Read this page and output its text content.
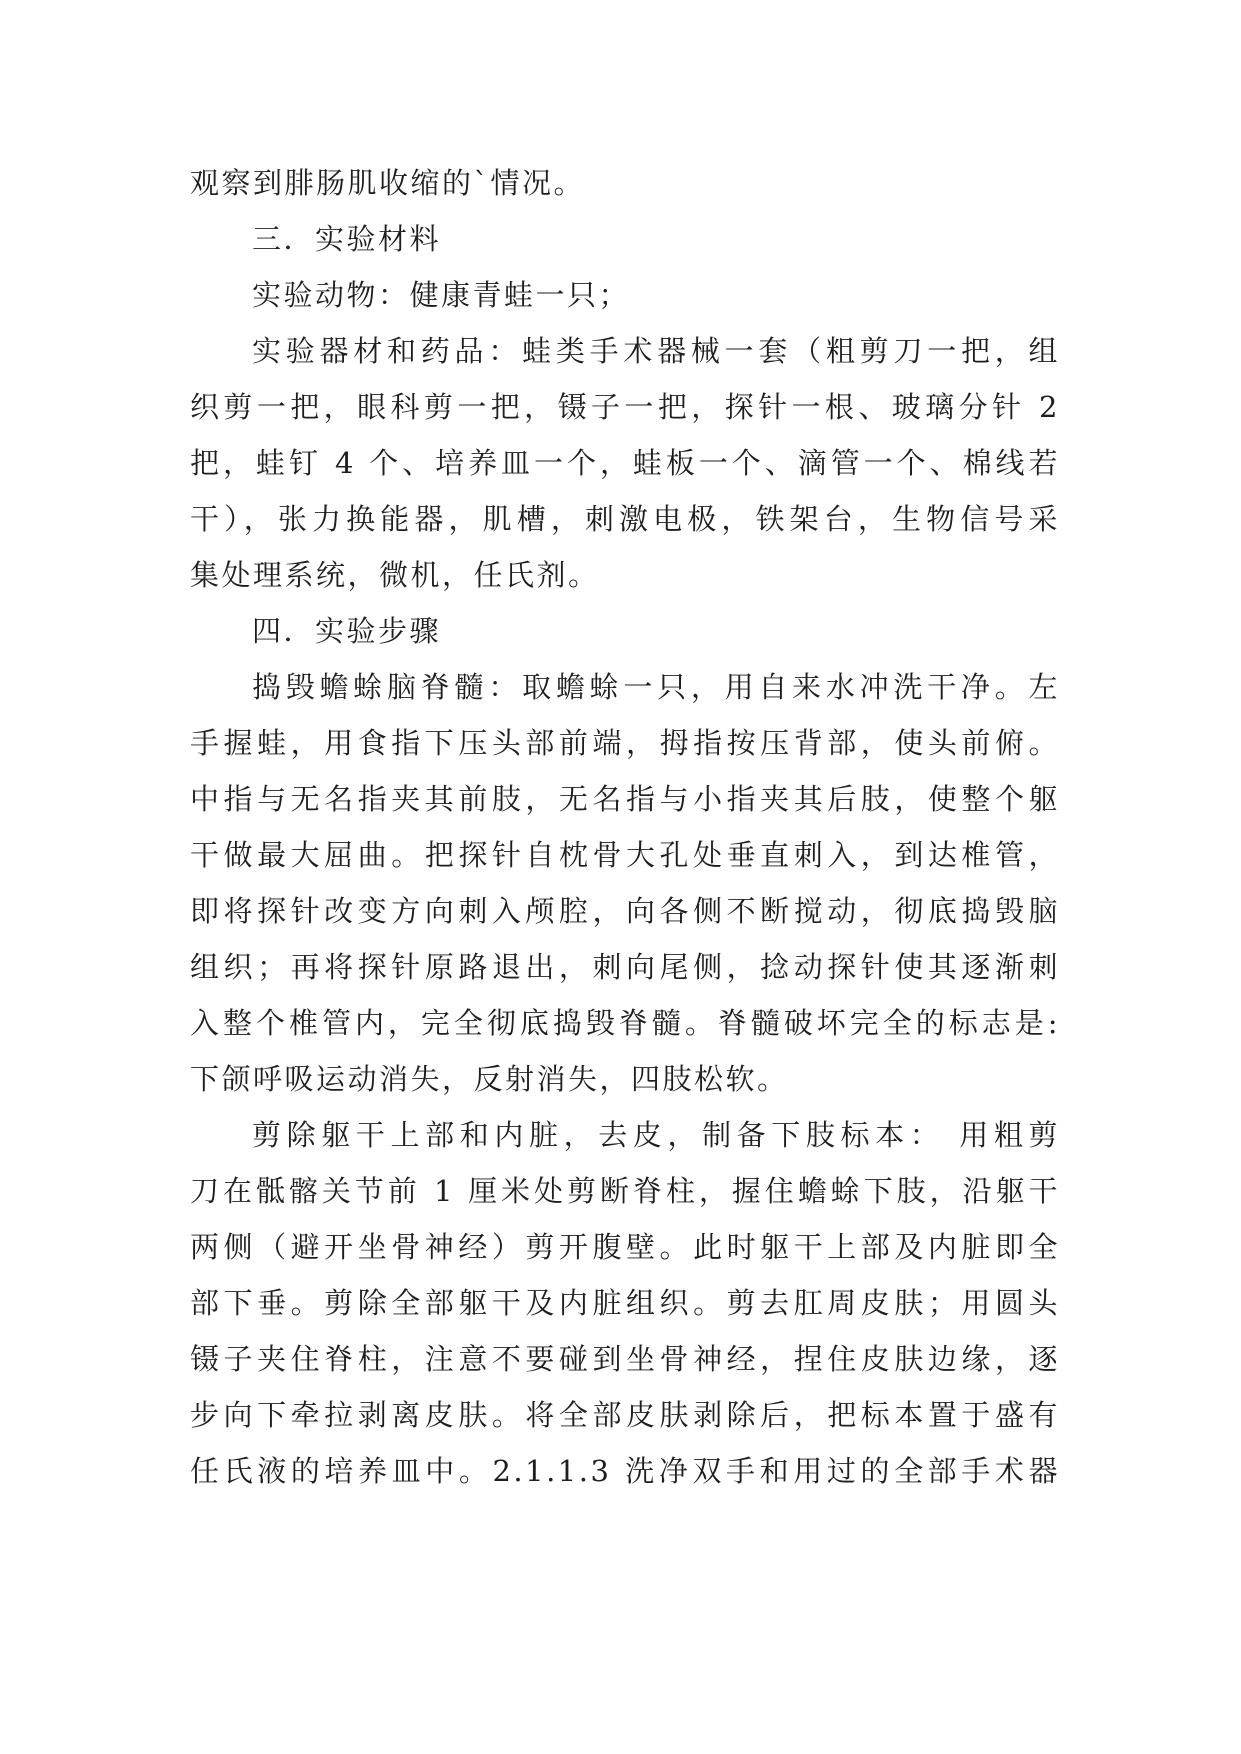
观察到腓肠肌收缩的`情况。
三．实验材料
实验动物：健康青蛙一只；
实验器材和药品：蛙类手术器械一套（粗剪刀一把，组
织剪一把，眼科剪一把，镊子一把，探针一根、玻璃分针 2
把，蛙钉 4 个、培养皿一个，蛙板一个、滴管一个、棉线若
干），张力换能器，肌槽，刺激电极，铁架台，生物信号采
集处理系统，微机，任氏剂。
四．实验步骤
捣毁蟾蜍脑脊髓：取蟾蜍一只，用自来水冲洗干净。左
手握蛙，用食指下压头部前端，拇指按压背部，使头前俯。
中指与无名指夹其前肢，无名指与小指夹其后肢，使整个躯
干做最大屈曲。把探针自枕骨大孔处垂直刺入，到达椎管，
即将探针改变方向刺入颅腔，向各侧不断搅动，彻底捣毁脑
组织；再将探针原路退出，刺向尾侧，捻动探针使其逐渐刺
入整个椎管内，完全彻底捣毁脊髓。脊髓破坏完全的标志是:
下颌呼吸运动消失，反射消失，四肢松软。
剪除躯干上部和内脏，去皮，制备下肢标本： 用粗剪
刀在骶髂关节前 1 厘米处剪断脊柱，握住蟾蜍下肢，沿躯干
两侧（避开坐骨神经）剪开腹壁。此时躯干上部及内脏即全
部下垂。剪除全部躯干及内脏组织。剪去肛周皮肤；用圆头
镊子夹住脊柱，注意不要碰到坐骨神经，捏住皮肤边缘，逐
步向下牵拉剥离皮肤。将全部皮肤剥除后，把标本置于盛有
任氏液的培养皿中。2.1.1.3 洗净双手和用过的全部手术器
